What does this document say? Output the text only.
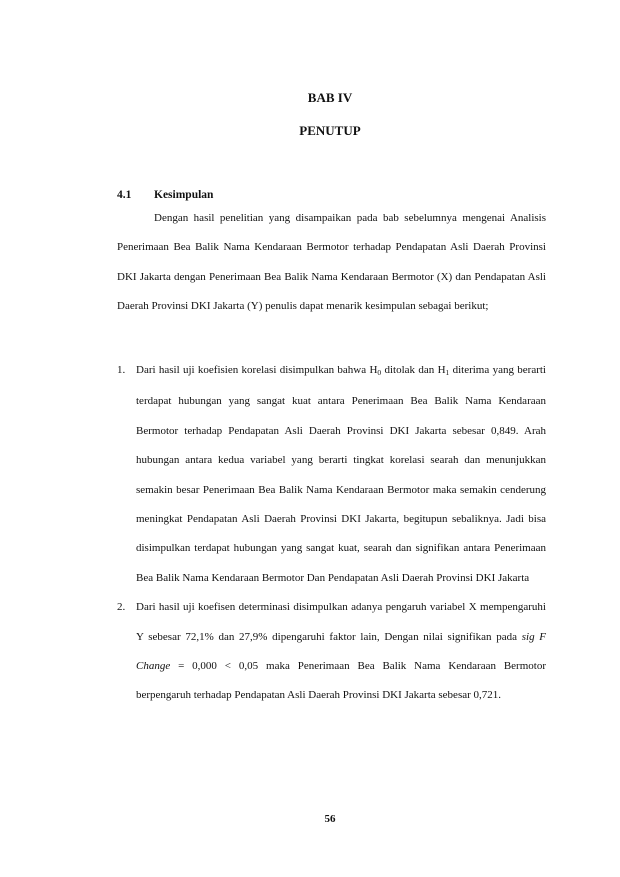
BAB IV
PENUTUP
4.1 Kesimpulan

Dengan hasil penelitian yang disampaikan pada bab sebelumnya mengenai Analisis Penerimaan Bea Balik Nama Kendaraan Bermotor terhadap Pendapatan Asli Daerah Provinsi DKI Jakarta dengan Penerimaan Bea Balik Nama Kendaraan Bermotor (X) dan Pendapatan Asli Daerah Provinsi DKI Jakarta (Y) penulis dapat menarik kesimpulan sebagai berikut;

1. Dari hasil uji koefisien korelasi disimpulkan bahwa $H_0$ ditolak dan $H_1$ diterima yang berarti terdapat hubungan yang sangat kuat antara Penerimaan Bea Balik Nama Kendaraan Bermotor terhadap Pendapatan Asli Daerah Provinsi DKI Jakarta sebesar 0,849. Arah hubungan antara kedua variabel yang berarti tingkat korelasi searah dan menunjukkan semakin besar Penerimaan Bea Balik Nama Kendaraan Bermotor maka semakin cenderung meningkat Pendapatan Asli Daerah Provinsi DKI Jakarta, begitupun sebaliknya. Jadi bisa disimpulkan terdapat hubungan yang sangat kuat, searah dan signifikan antara Penerimaan Bea Balik Nama Kendaraan Bermotor Dan Pendapatan Asli Daerah Provinsi DKI Jakarta
2. Dari hasil uji koefisen determinasi disimpulkan adanya pengaruh variabel X mempengaruhi Y sebesar 72,1% dan 27,9% dipengaruhi faktor lain, Dengan nilai signifikan pada sig F Change = 0,000 < 0,05 maka Penerimaan Bea Balik Nama Kendaraan Bermotor berpengaruh terhadap Pendapatan Asli Daerah Provinsi DKI Jakarta sebesar 0,721.
56
